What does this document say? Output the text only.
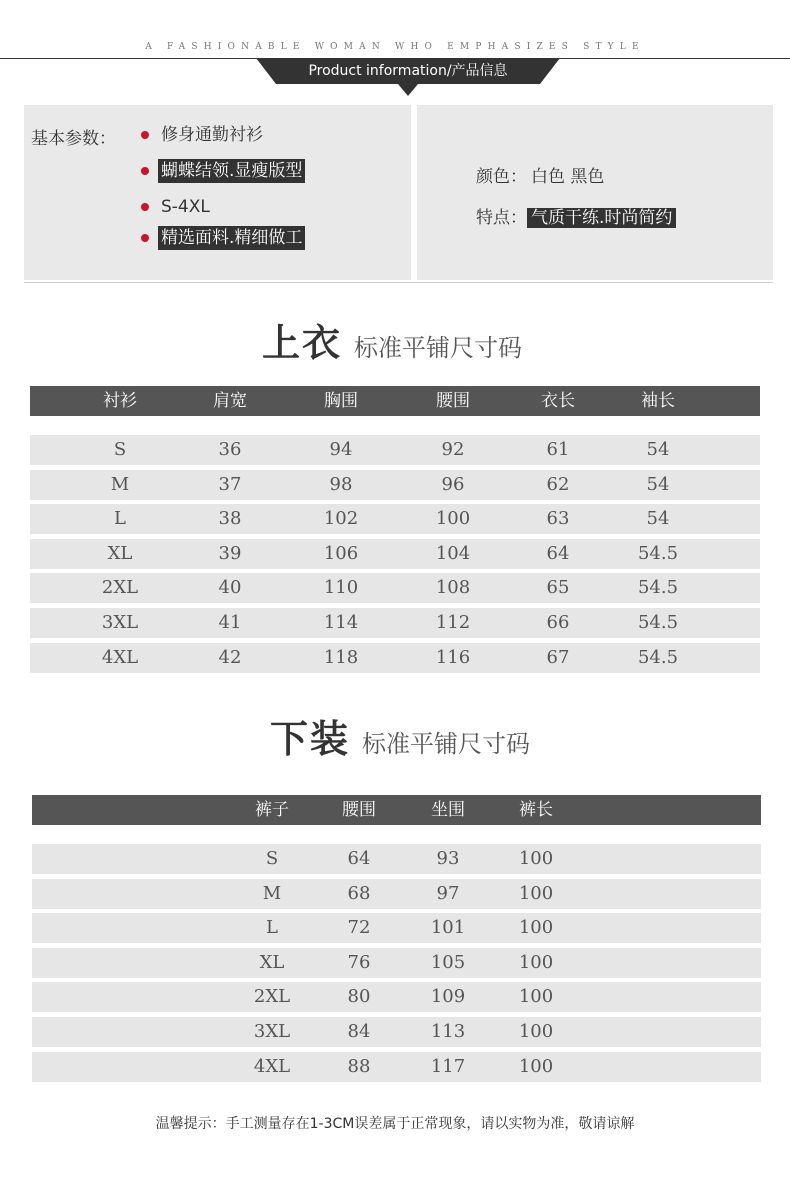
A FASHIONABLE WOMAN WHO EMPHASIZES STYLE
Product information/产品信息
基本参数：	修身通勤衬衫
蝴蝶结领.显瘦版型
S-4XL
精选面料.精细做工
颜色： 白色 黑色
特点： 气质干练.时尚简约
上衣 标准平铺尺寸码
衬衫	肩宽	胸围	腰围	衣长	袖长
S	36	94	92	61	54
M	37	98	96	62	54
L	38	102	100	63	54
XL	39	106	104	64	54.5
2XL	40	110	108	65	54.5
3XL	41	114	112	66	54.5
4XL	42	118	116	67	54.5
下装 标准平铺尺寸码
裤子	腰围	坐围	裤长
S	64	93	100
M	68	97	100
L	72	101	100
XL	76	105	100
2XL	80	109	100
3XL	84	113	100
4XL	88	117	100
温馨提示：手工测量存在1-3CM误差属于正常现象，请以实物为准，敬请谅解
